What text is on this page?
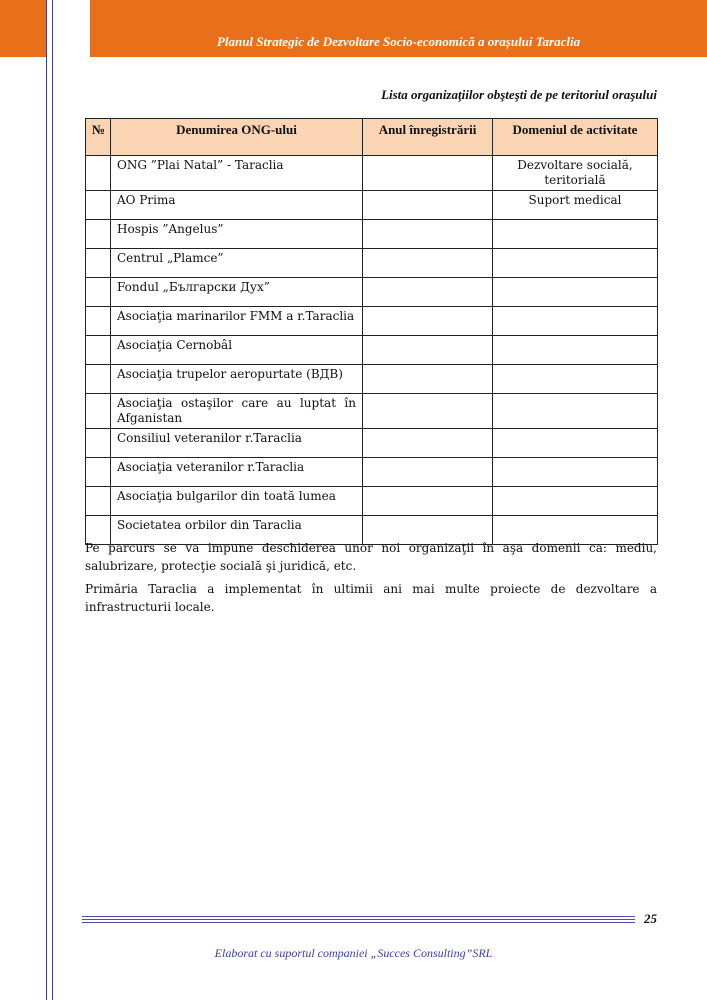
Planul Strategic de Dezvoltare Socio-economică a orașului Taraclia
Lista organizaţiilor obşteşti de pe teritoriul oraşului
№	Denumirea ONG-ului	Anul înregistrării	Domeniul de activitate
	ONG ”Plai Natal” - Taraclia		Dezvoltare socială, teritorială
	AO Prima		Suport medical
	Hospis ”Angelus”		
	Centrul „Plamce”		
	Fondul „Български Дух”		
	Asociaţia marinarilor FMM a r.Taraclia		
	Asociaţia Cernobâl		
	Asociaţia trupelor aeropurtate (ВДВ)		
	Asociaţia ostaşilor care au luptat în Afganistan		
	Consiliul veteranilor r.Taraclia		
	Asociaţia veteranilor r.Taraclia		
	Asociaţia bulgarilor din toată lumea		
	Societatea orbilor din Taraclia		
Pe parcurs se va impune deschiderea unor noi organizaţii în aşa domenii ca: mediu, salubrizare, protecţie socială şi juridică, etc.
Primăria Taraclia a implementat în ultimii ani mai multe proiecte de dezvoltare a infrastructurii locale.
25
Elaborat cu suportul companiei „Succes Consulting”SRL
